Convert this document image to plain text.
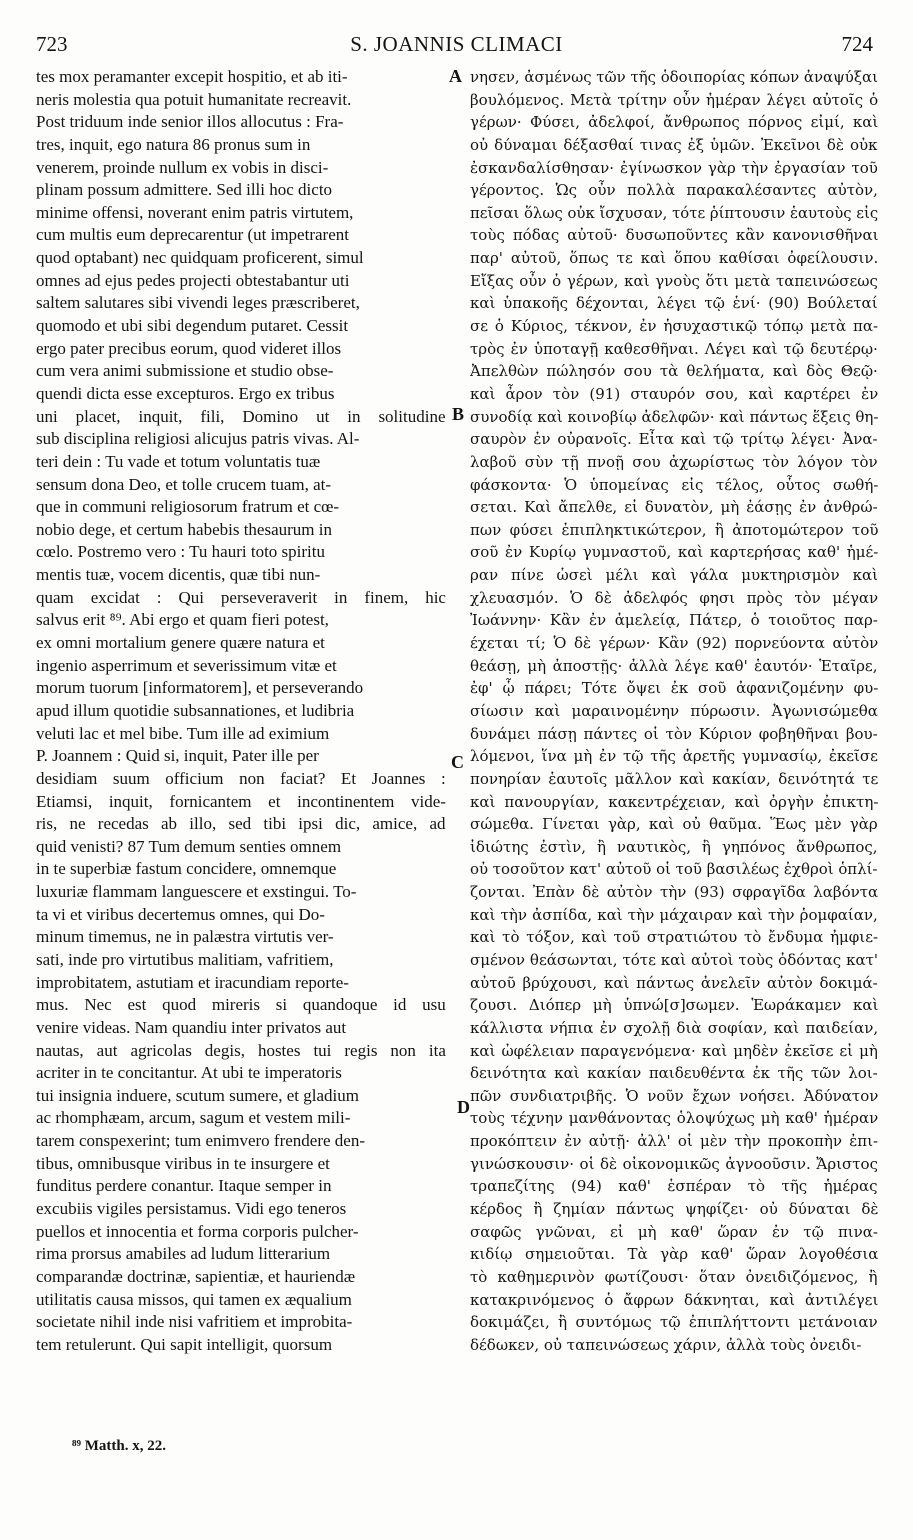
723	S. JOANNIS CLIMACI	724
tes mox peramanter excepit hospitio, et ab iti-
neris molestia qua potuit humanitate recreavit.
Post triduum inde senior illos allocutus : Fra-
tres, inquit, ego natura 86 pronus sum in
venerem, proinde nullum ex vobis in disci-
plinam possum admittere. Sed illi hoc dicto
minime offensi, noverant enim patris virtutem,
cum multis eum deprecarentur (ut impetrarent
quod optabant) nec quidquam proficerent, simul
omnes ad ejus pedes projecti obtestabantur uti
saltem salutares sibi vivendi leges præscriberet,
quomodo et ubi sibi degendum putaret. Cessit
ergo pater precibus eorum, quod videret illos
cum vera animi submissione et studio obse-
quendi dicta esse excepturos. Ergo ex tribus
uni placet, inquit, fili, Domino ut in solitudine
sub disciplina religiosi alicujus patris vivas. Al-
teri dein : Tu vade et totum voluntatis tuæ
sensum dona Deo, et tolle crucem tuam, at-
que in communi religiosorum fratrum et cœ-
nobio dege, et certum habebis thesaurum in
cœlo. Postremo vero : Tu hauri toto spiritu
mentis tuæ, vocem dicentis, quæ tibi nun-
quam excidat : Qui perseveraverit in finem, hic
salvus erit ⁸⁹. Abi ergo et quam fieri potest,
ex omni mortalium genere quære natura et
ingenio asperrimum et severissimum vitæ et
morum tuorum [informatorem], et perseverando
apud illum quotidie subsannationes, et ludibria
veluti lac et mel bibe. Tum ille ad eximium
P. Joannem : Quid si, inquit, Pater ille per
desidiam suum officium non faciat? Et Joannes :
Etiamsi, inquit, fornicantem et incontinentem vide-
ris, ne recedas ab illo, sed tibi ipsi dic, amice, ad
quid venisti? 87 Tum demum senties omnem
in te superbiæ fastum concidere, omnemque
luxuriæ flammam languescere et exstingui. To-
ta vi et viribus decertemus omnes, qui Do-
minum timemus, ne in palæstra virtutis ver-
sati, inde pro virtutibus malitiam, vafritiem,
improbitatem, astutiam et iracundiam reporte-
mus. Nec est quod mireris si quandoque id usu
venire videas. Nam quandiu inter privatos aut
nautas, aut agricolas degis, hostes tui regis non ita
acriter in te concitantur. At ubi te imperatoris
tui insignia induere, scutum sumere, et gladium
ac rhomphæam, arcum, sagum et vestem mili-
tarem conspexerint; tum enimvero frendere den-
tibus, omnibusque viribus in te insurgere et
funditus perdere conantur. Itaque semper in
excubiis vigiles persistamus. Vidi ego teneros
puellos et innocentia et forma corporis pulcher-
rima prorsus amabiles ad ludum litterarium
comparandæ doctrinæ, sapientiæ, et hauriendæ
utilitatis causa missos, qui tamen ex æqualium
societate nihil inde nisi vafritiem et improbita-
tem retulerunt. Qui sapit intelligit, quorsum
νησεν, ἀσμένως τῶν τῆς ὁδοιπορίας κόπων ἀναψύξαι
βουλόμενος. Μετὰ τρίτην οὖν ἡμέραν λέγει αὐτοῖς ὁ
γέρων· Φύσει, ἀδελφοί, ἄνθρωπος πόρνος εἰμί, καὶ
οὐ δύναμαι δέξασθαί τινας ἐξ ὑμῶν. Ἐκεῖνοι δὲ οὐκ
ἐσκανδαλίσθησαν· ἐγίνωσκον γὰρ τὴν ἐργασίαν τοῦ
γέροντος. Ὡς οὖν πολλὰ παρακαλέσαντες αὐτὸν,
πεῖσαι ὅλως οὐκ ἴσχυσαν, τότε ῥίπτουσιν ἑαυτοὺς εἰς
τοὺς πόδας αὐτοῦ· δυσωποῦντες κἂν κανονισθῆναι
παρ' αὐτοῦ, ὅπως τε καὶ ὅπου καθίσαι ὀφείλουσιν.
Εἴξας οὖν ὁ γέρων, καὶ γνοὺς ὅτι μετὰ ταπεινώσεως
καὶ ὑπακοῆς δέχονται, λέγει τῷ ἑνί· (90) Βούλεταί
σε ὁ Κύριος, τέκνον, ἐν ἡσυχαστικῷ τόπῳ μετὰ πα-
τρὸς ἐν ὑποταγῇ καθεσθῆναι. Λέγει καὶ τῷ δευτέρῳ·
Ἀπελθὼν πώλησόν σου τὰ θελήματα, καὶ δὸς Θεῷ·
καὶ ἆρον τὸν (91) σταυρόν σου, καὶ καρτέρει ἐν
συνοδίᾳ καὶ κοινοβίῳ ἀδελφῶν· καὶ πάντως ἕξεις θη-
σαυρὸν ἐν οὐρανοῖς. Εἶτα καὶ τῷ τρίτῳ λέγει· Ἀνα-
λαβοῦ σὺν τῇ πνοῇ σου ἀχωρίστως τὸν λόγον τὸν
φάσκοντα· Ὁ ὑπομείνας εἰς τέλος, οὗτος σωθή-
σεται. Καὶ ἄπελθε, εἰ δυνατὸν, μὴ ἐάσῃς ἐν ἀνθρώ-
πων φύσει ἐπιπληκτικώτερον, ἢ ἀποτομώτερον τοῦ
σοῦ ἐν Κυρίῳ γυμναστοῦ, καὶ καρτερήσας καθ' ἡμέ-
ραν πίνε ὡσεὶ μέλι καὶ γάλα μυκτηρισμὸν καὶ
χλευασμόν. Ὁ δὲ ἀδελφός φησι πρὸς τὸν μέγαν
Ἰωάννην· Κἂν ἐν ἀμελείᾳ, Πάτερ, ὁ τοιοῦτος παρ-
έχεται τί; Ὁ δὲ γέρων· Κἂν (92) πορνεύοντα αὐτὸν
θεάσῃ, μὴ ἀποστῇς· ἀλλὰ λέγε καθ' ἑαυτόν· Ἑταῖρε,
ἐφ' ᾧ πάρει; Τότε ὄψει ἐκ σοῦ ἀφανιζομένην φυ-
σίωσιν καὶ μαραινομένην πύρωσιν. Ἀγωνισώμεθα
δυνάμει πάσῃ πάντες οἱ τὸν Κύριον φοβηθῆναι βου-
λόμενοι, ἵνα μὴ ἐν τῷ τῆς ἀρετῆς γυμνασίῳ, ἐκεῖσε
πονηρίαν ἑαυτοῖς μᾶλλον καὶ κακίαν, δεινότητά τε
καὶ πανουργίαν, κακεντρέχειαν, καὶ ὀργὴν ἐπικτη-
σώμεθα. Γίνεται γὰρ, καὶ οὐ θαῦμα. Ἕως μὲν γὰρ
ἰδιώτης ἐστὶν, ἢ ναυτικὸς, ἢ γηπόνος ἄνθρωπος,
οὐ τοσοῦτον κατ' αὐτοῦ οἱ τοῦ βασιλέως ἐχθροὶ ὁπλί-
ζονται. Ἐπὰν δὲ αὐτὸν τὴν (93) σφραγῖδα λαβόντα
καὶ τὴν ἀσπίδα, καὶ τὴν μάχαιραν καὶ τὴν ῥομφαίαν,
καὶ τὸ τόξον, καὶ τοῦ στρατιώτου τὸ ἔνδυμα ἠμφιε-
σμένον θεάσωνται, τότε καὶ αὐτοὶ τοὺς ὀδόντας κατ'
αὐτοῦ βρύχουσι, καὶ πάντως ἀνελεῖν αὐτὸν δοκιμά-
ζουσι. Διόπερ μὴ ὑπνώ[σ]σωμεν. Ἑωράκαμεν καὶ
κάλλιστα νήπια ἐν σχολῇ διὰ σοφίαν, καὶ παιδείαν,
καὶ ὠφέλειαν παραγενόμενα· καὶ μηδὲν ἐκεῖσε εἰ μὴ
δεινότητα καὶ κακίαν παιδευθέντα ἐκ τῆς τῶν λοι-
πῶν συνδιατριβῆς. Ὁ νοῦν ἔχων νοήσει. Ἀδύνατον
τοὺς τέχνην μανθάνοντας ὁλοψύχως μὴ καθ' ἡμέραν
προκόπτειν ἐν αὐτῇ· ἀλλ' οἱ μὲν τὴν προκοπὴν ἐπι-
γινώσκουσιν· οἱ δὲ οἰκονομικῶς ἀγνοοῦσιν. Ἄριστος
τραπεζίτης (94) καθ' ἑσπέραν τὸ τῆς ἡμέρας
κέρδος ἢ ζημίαν πάντως ψηφίζει· οὐ δύναται δὲ
σαφῶς γνῶναι, εἰ μὴ καθ' ὥραν ἐν τῷ πινα-
κιδίῳ σημειοῦται. Τὰ γὰρ καθ' ὥραν λογοθέσια
τὸ καθημερινὸν φωτίζουσι· ὅταν ὀνειδιζόμενος, ἢ
κατακρινόμενος ὁ ἄφρων δάκνηται, καὶ ἀντιλέγει
δοκιμάζει, ἢ συντόμως τῷ ἐπιπλήττοντι μετάνοιαν
δέδωκεν, οὐ ταπεινώσεως χάριν, ἀλλὰ τοὺς ὀνειδι-
A
B
C
D
⁸⁹ Matth. x, 22.
